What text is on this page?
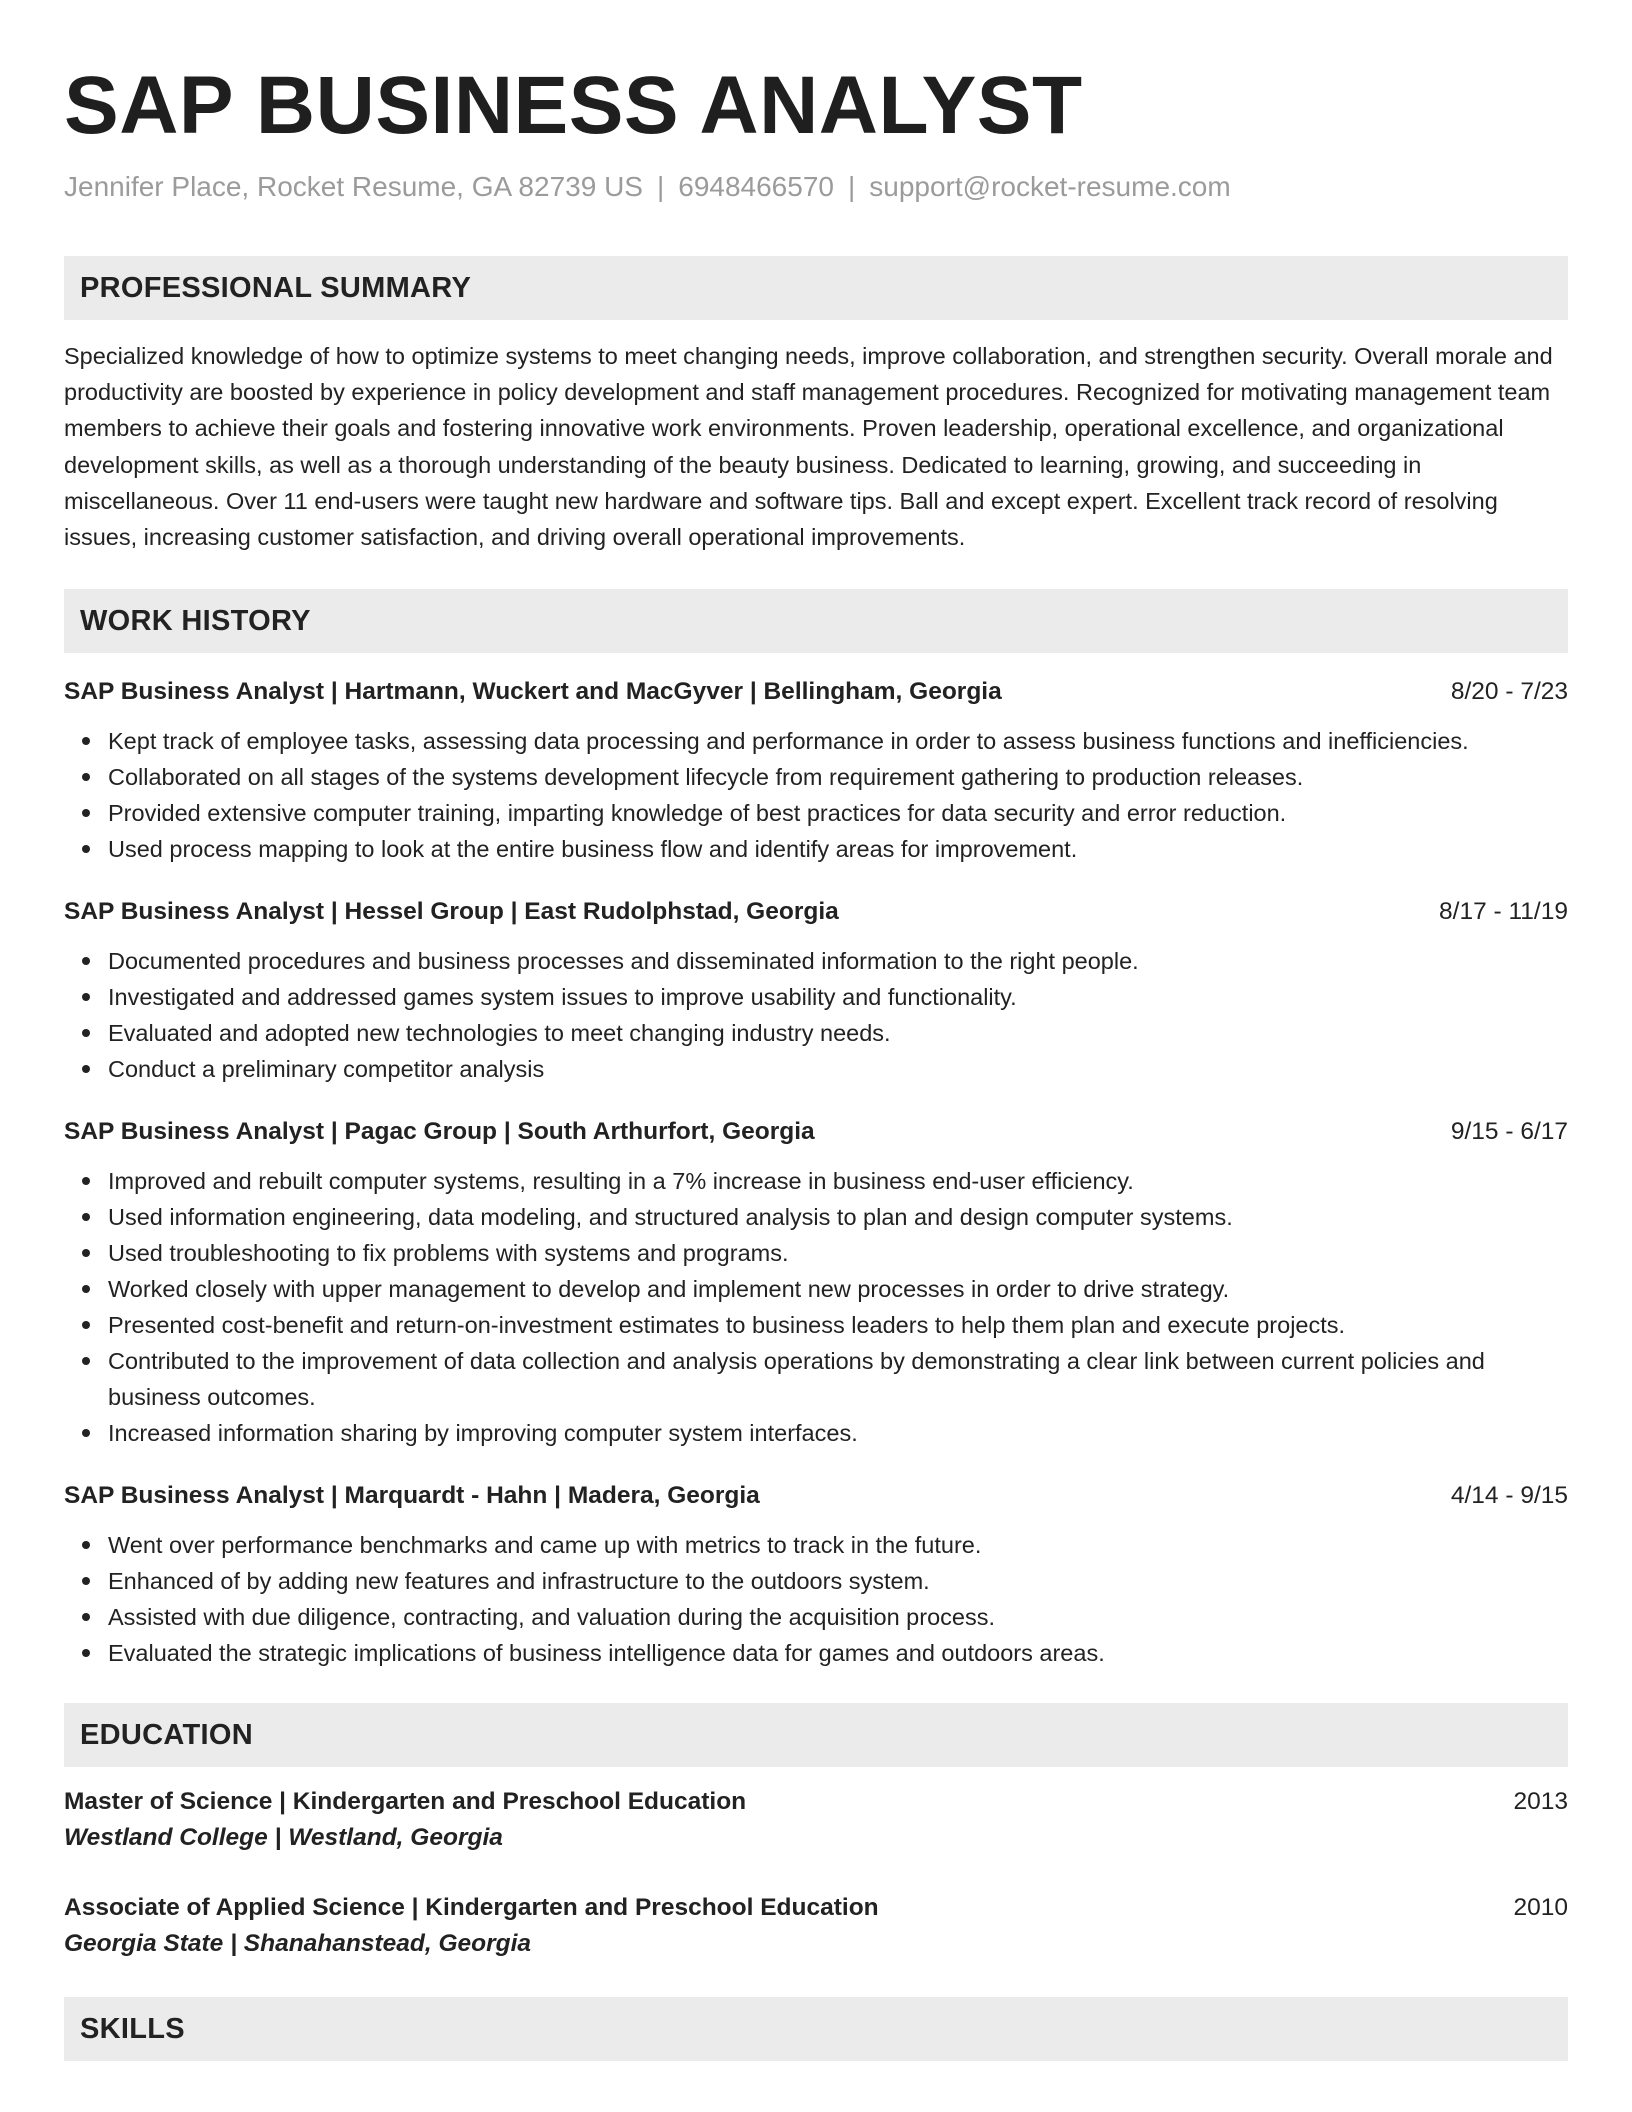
SAP BUSINESS ANALYST
Jennifer Place, Rocket Resume, GA 82739 US | 6948466570 | support@rocket-resume.com
PROFESSIONAL SUMMARY
Specialized knowledge of how to optimize systems to meet changing needs, improve collaboration, and strengthen security. Overall morale and productivity are boosted by experience in policy development and staff management procedures. Recognized for motivating management team members to achieve their goals and fostering innovative work environments. Proven leadership, operational excellence, and organizational development skills, as well as a thorough understanding of the beauty business. Dedicated to learning, growing, and succeeding in miscellaneous. Over 11 end-users were taught new hardware and software tips. Ball and except expert. Excellent track record of resolving issues, increasing customer satisfaction, and driving overall operational improvements.
WORK HISTORY
SAP Business Analyst | Hartmann, Wuckert and MacGyver | Bellingham, Georgia	8/20 - 7/23
Kept track of employee tasks, assessing data processing and performance in order to assess business functions and inefficiencies.
Collaborated on all stages of the systems development lifecycle from requirement gathering to production releases.
Provided extensive computer training, imparting knowledge of best practices for data security and error reduction.
Used process mapping to look at the entire business flow and identify areas for improvement.
SAP Business Analyst | Hessel Group | East Rudolphstad, Georgia	8/17 - 11/19
Documented procedures and business processes and disseminated information to the right people.
Investigated and addressed games system issues to improve usability and functionality.
Evaluated and adopted new technologies to meet changing industry needs.
Conduct a preliminary competitor analysis
SAP Business Analyst | Pagac Group | South Arthurfort, Georgia	9/15 - 6/17
Improved and rebuilt computer systems, resulting in a 7% increase in business end-user efficiency.
Used information engineering, data modeling, and structured analysis to plan and design computer systems.
Used troubleshooting to fix problems with systems and programs.
Worked closely with upper management to develop and implement new processes in order to drive strategy.
Presented cost-benefit and return-on-investment estimates to business leaders to help them plan and execute projects.
Contributed to the improvement of data collection and analysis operations by demonstrating a clear link between current policies and business outcomes.
Increased information sharing by improving computer system interfaces.
SAP Business Analyst | Marquardt - Hahn | Madera, Georgia	4/14 - 9/15
Went over performance benchmarks and came up with metrics to track in the future.
Enhanced of by adding new features and infrastructure to the outdoors system.
Assisted with due diligence, contracting, and valuation during the acquisition process.
Evaluated the strategic implications of business intelligence data for games and outdoors areas.
EDUCATION
Master of Science | Kindergarten and Preschool Education	2013
Westland College | Westland, Georgia
Associate of Applied Science | Kindergarten and Preschool Education	2010
Georgia State | Shanahanstead, Georgia
SKILLS
